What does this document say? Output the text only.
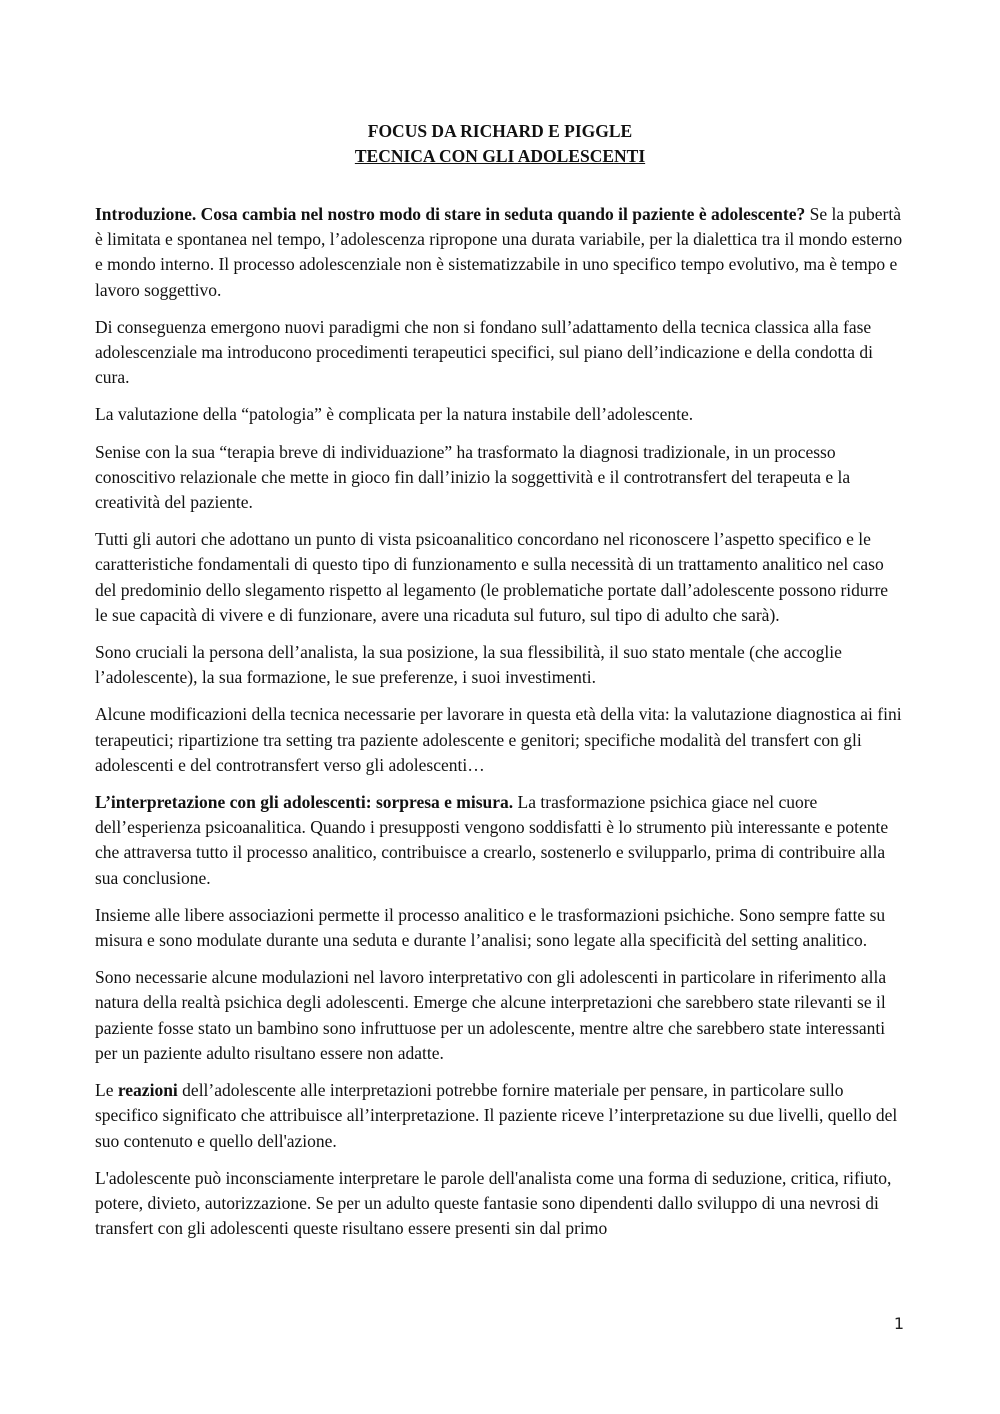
FOCUS DA RICHARD E PIGGLE
TECNICA CON GLI ADOLESCENTI

Introduzione. Cosa cambia nel nostro modo di stare in seduta quando il paziente è adolescente? Se la pubertà è limitata e spontanea nel tempo, l’adolescenza ripropone una durata variabile, per la dialettica tra il mondo esterno e mondo interno. Il processo adolescenziale non è sistematizzabile in uno specifico tempo evolutivo, ma è tempo e lavoro soggettivo.

Di conseguenza emergono nuovi paradigmi che non si fondano sull’adattamento della tecnica classica alla fase adolescenziale ma introducono procedimenti terapeutici specifici, sul piano dell’indicazione e della condotta di cura.

La valutazione della “patologia” è complicata per la natura instabile dell’adolescente.

Senise con la sua “terapia breve di individuazione” ha trasformato la diagnosi tradizionale, in un processo conoscitivo relazionale che mette in gioco fin dall’inizio la soggettività e il controtransfert del terapeuta e la creatività del paziente.

Tutti gli autori che adottano un punto di vista psicoanalitico concordano nel riconoscere l’aspetto specifico e le caratteristiche fondamentali di questo tipo di funzionamento e sulla necessità di un trattamento analitico nel caso del predominio dello slegamento rispetto al legamento (le problematiche portate dall’adolescente possono ridurre le sue capacità di vivere e di funzionare, avere una ricaduta sul futuro, sul tipo di adulto che sarà).

Sono cruciali la persona dell’analista, la sua posizione, la sua flessibilità, il suo stato mentale (che accoglie l’adolescente), la sua formazione, le sue preferenze, i suoi investimenti.

Alcune modificazioni della tecnica necessarie per lavorare in questa età della vita: la valutazione diagnostica ai fini terapeutici; ripartizione tra setting tra paziente adolescente e genitori; specifiche modalità del transfert con gli adolescenti e del controtransfert verso gli adolescenti…

L’interpretazione con gli adolescenti: sorpresa e misura. La trasformazione psichica giace nel cuore dell’esperienza psicoanalitica. Quando i presupposti vengono soddisfatti è lo strumento più interessante e potente che attraversa tutto il processo analitico, contribuisce a crearlo, sostenerlo e svilupparlo, prima di contribuire alla sua conclusione.

Insieme alle libere associazioni permette il processo analitico e le trasformazioni psichiche. Sono sempre fatte su misura e sono modulate durante una seduta e durante l’analisi; sono legate alla specificità del setting analitico.

Sono necessarie alcune modulazioni nel lavoro interpretativo con gli adolescenti in particolare in riferimento alla natura della realtà psichica degli adolescenti. Emerge che alcune interpretazioni che sarebbero state rilevanti se il paziente fosse stato un bambino sono infruttuose per un adolescente, mentre altre che sarebbero state interessanti per un paziente adulto risultano essere non adatte.

Le reazioni dell’adolescente alle interpretazioni potrebbe fornire materiale per pensare, in particolare sullo specifico significato che attribuisce all’interpretazione. Il paziente riceve l’interpretazione su due livelli, quello del suo contenuto e quello dell'azione.

L'adolescente può inconsciamente interpretare le parole dell'analista come una forma di seduzione, critica, rifiuto, potere, divieto, autorizzazione. Se per un adulto queste fantasie sono dipendenti dallo sviluppo di una nevrosi di transfert con gli adolescenti queste risultano essere presenti sin dal primo

1
